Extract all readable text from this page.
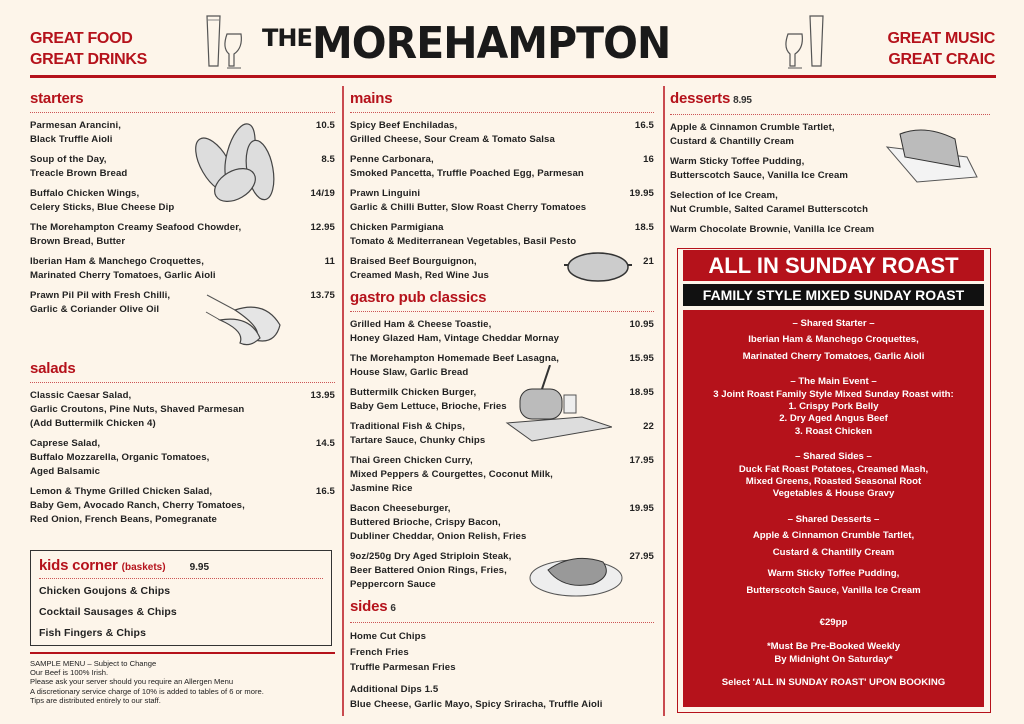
GREAT FOOD
GREAT DRINKS
GREAT MUSIC
GREAT CRAIC
THE MOREHAMPTON
starters
Parmesan Arancini,
Black Truffle Aioli
10.5
Soup of the Day,
Treacle Brown Bread
8.5
Buffalo Chicken Wings,
Celery Sticks, Blue Cheese Dip
14/19
The Morehampton Creamy Seafood Chowder,
Brown Bread, Butter
12.95
Iberian Ham & Manchego Croquettes,
Marinated Cherry Tomatoes, Garlic Aioli
11
Prawn Pil Pil with Fresh Chilli,
Garlic & Coriander Olive Oil
13.75
salads
Classic Caesar Salad,
Garlic Croutons, Pine Nuts, Shaved Parmesan
(Add Buttermilk Chicken 4)
13.95
Caprese Salad,
Buffalo Mozzarella, Organic Tomatoes,
Aged Balsamic
14.5
Lemon & Thyme Grilled Chicken Salad,
Baby Gem, Avocado Ranch, Cherry Tomatoes,
Red Onion, French Beans, Pomegranate
16.5
kids corner (baskets) 9.95
Chicken Goujons & Chips
Cocktail Sausages & Chips
Fish Fingers & Chips
SAMPLE MENU – Subject to Change
Our Beef is 100% Irish.
Please ask your server should you require an Allergen Menu
A discretionary service charge of 10% is added to tables of 6 or more.
Tips are distributed entirely to our staff.
mains
Spicy Beef Enchiladas,
Grilled Cheese, Sour Cream & Tomato Salsa
16.5
Penne Carbonara,
Smoked Pancetta, Truffle Poached Egg, Parmesan
16
Prawn Linguini
Garlic & Chilli Butter, Slow Roast Cherry Tomatoes
19.95
Chicken Parmigiana
Tomato & Mediterranean Vegetables, Basil Pesto
18.5
Braised Beef Bourguignon,
Creamed Mash, Red Wine Jus
21
gastro pub classics
Grilled Ham & Cheese Toastie,
Honey Glazed Ham, Vintage Cheddar Mornay
10.95
The Morehampton Homemade Beef Lasagna,
House Slaw, Garlic Bread
15.95
Buttermilk Chicken Burger,
Baby Gem Lettuce, Brioche, Fries
18.95
Traditional Fish & Chips,
Tartare Sauce, Chunky Chips
22
Thai Green Chicken Curry,
Mixed Peppers & Courgettes, Coconut Milk,
Jasmine Rice
17.95
Bacon Cheeseburger,
Buttered Brioche, Crispy Bacon,
Dubliner Cheddar, Onion Relish, Fries
19.95
9oz/250g Dry Aged Striploin Steak,
Beer Battered Onion Rings, Fries,
Peppercorn Sauce
27.95
sides 6
Home Cut Chips
French Fries
Truffle Parmesan Fries
Additional Dips 1.5
Blue Cheese, Garlic Mayo, Spicy Sriracha, Truffle Aioli
desserts 8.95
Apple & Cinnamon Crumble Tartlet,
Custard & Chantilly Cream
Warm Sticky Toffee Pudding,
Butterscotch Sauce, Vanilla Ice Cream
Selection of Ice Cream,
Nut Crumble, Salted Caramel Butterscotch
Warm Chocolate Brownie, Vanilla Ice Cream
ALL IN SUNDAY ROAST
FAMILY STYLE MIXED SUNDAY ROAST

– Shared Starter –

Iberian Ham & Manchego Croquettes,

Marinated Cherry Tomatoes, Garlic Aioli

– The Main Event –

3 Joint Roast Family Style Mixed Sunday Roast with:

1. Crispy Pork Belly

2. Dry Aged Angus Beef

3. Roast Chicken

– Shared Sides –

Duck Fat Roast Potatoes, Creamed Mash,

Mixed Greens, Roasted Seasonal Root

Vegetables & House Gravy

– Shared Desserts –

Apple & Cinnamon Crumble Tartlet,

Custard & Chantilly Cream

Warm Sticky Toffee Pudding,

Butterscotch Sauce, Vanilla Ice Cream

€29pp

*Must Be Pre-Booked Weekly

By Midnight On Saturday*

Select 'ALL IN SUNDAY ROAST' UPON BOOKING
